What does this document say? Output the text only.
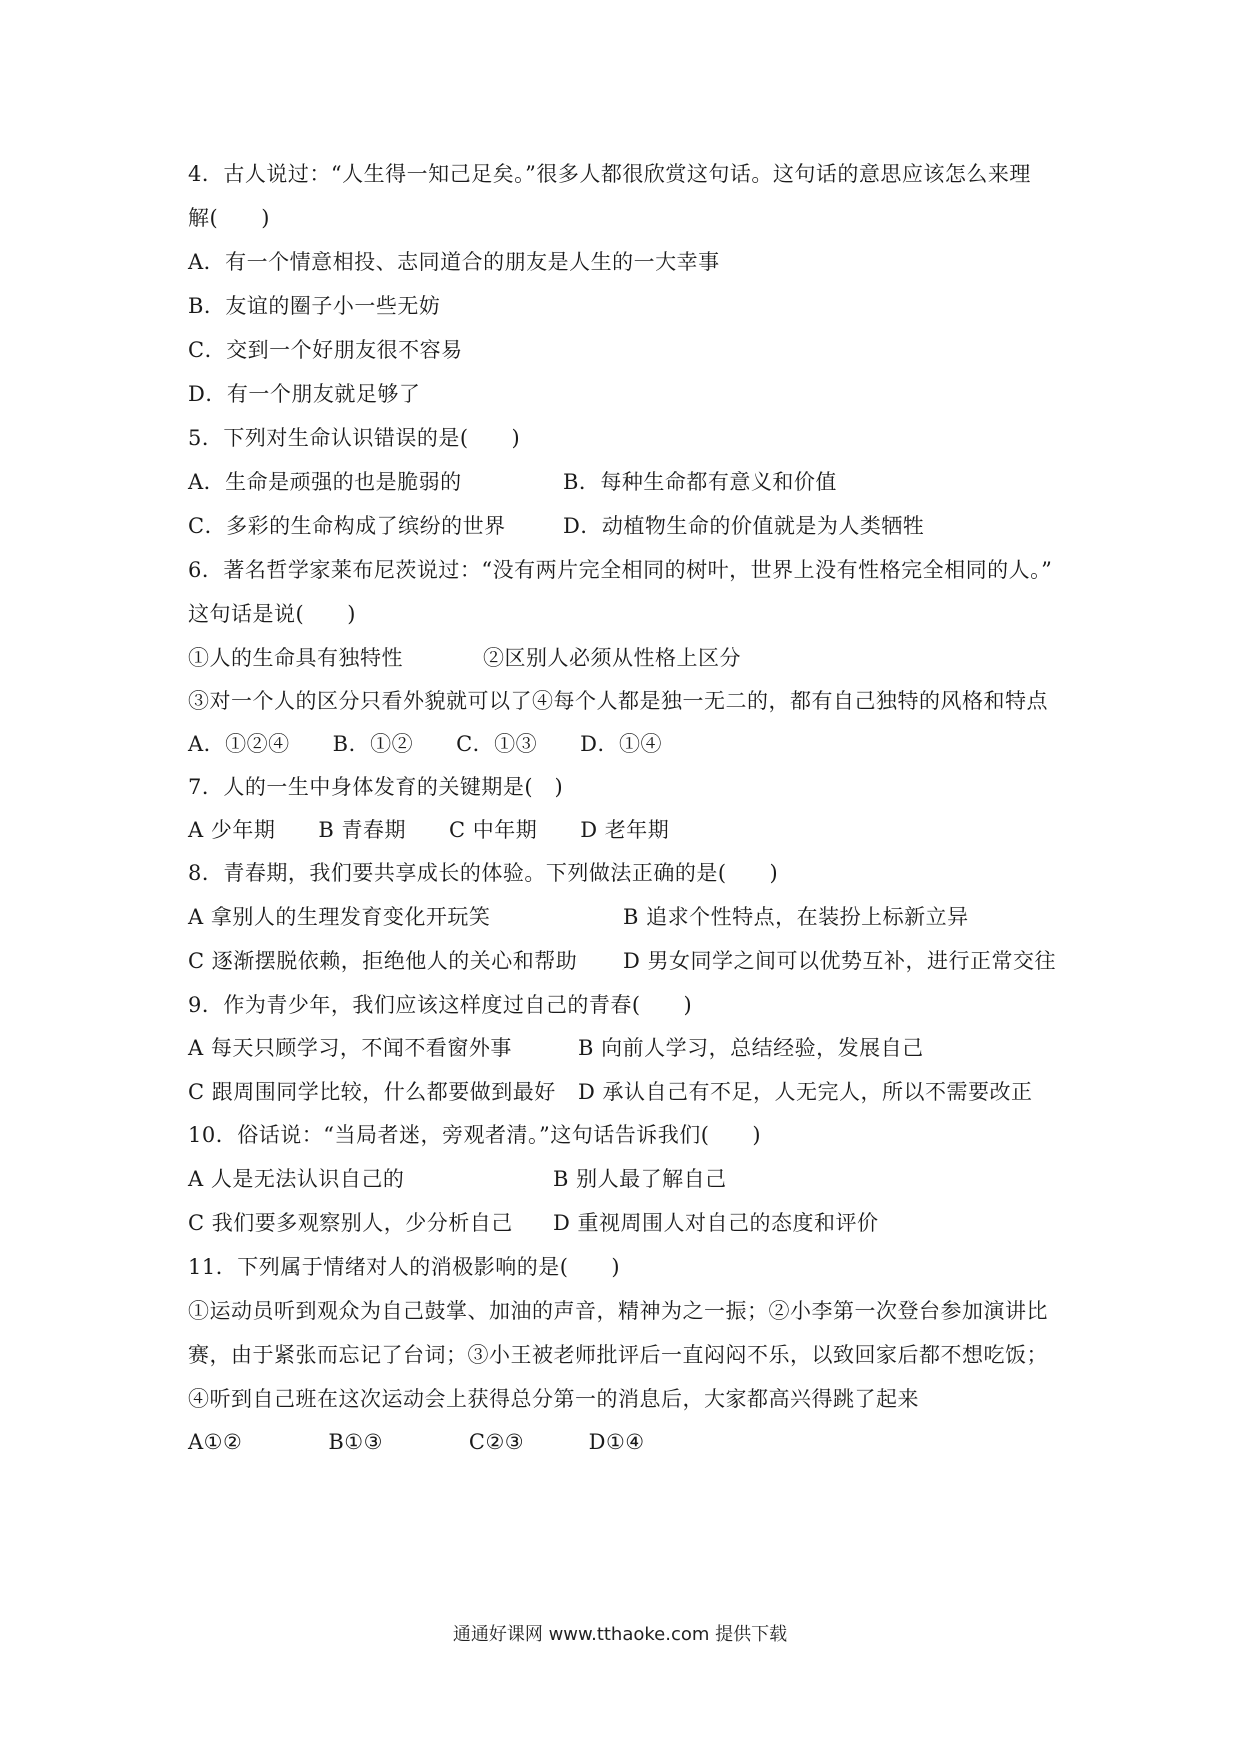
4．古人说过：“人生得一知己足矣。”很多人都很欣赏这句话。这句话的意思应该怎么来理
解(　　)
A．有一个情意相投、志同道合的朋友是人生的一大幸事
B．友谊的圈子小一些无妨
C．交到一个好朋友很不容易
D．有一个朋友就足够了
5．下列对生命认识错误的是(　　)
A．生命是顽强的也是脆弱的	B．每种生命都有意义和价值
C．多彩的生命构成了缤纷的世界	D．动植物生命的价值就是为人类牺牲
6．著名哲学家莱布尼茨说过：“没有两片完全相同的树叶，世界上没有性格完全相同的人。”
这句话是说(　　)
①人的生命具有独特性	②区别人必须从性格上区分
③对一个人的区分只看外貌就可以了④每个人都是独一无二的，都有自己独特的风格和特点
A．①②④　　B．①②　　C．①③　　D．①④
7．人的一生中身体发育的关键期是(　)
A 少年期　　B 青春期　　C 中年期　　D 老年期
8．青春期，我们要共享成长的体验。下列做法正确的是(　　)
A 拿别人的生理发育变化开玩笑	B 追求个性特点，在装扮上标新立异
C 逐渐摆脱依赖，拒绝他人的关心和帮助 D 男女同学之间可以优势互补，进行正常交往
9．作为青少年，我们应该这样度过自己的青春(　　)
A 每天只顾学习，不闻不看窗外事	B 向前人学习，总结经验，发展自己
C 跟周围同学比较，什么都要做到最好 D 承认自己有不足，人无完人，所以不需要改正
10．俗话说：“当局者迷，旁观者清。”这句话告诉我们(　　)
A 人是无法认识自己的	B 别人最了解自己
C 我们要多观察别人，少分析自己 D 重视周围人对自己的态度和评价
11．下列属于情绪对人的消极影响的是(　　)
①运动员听到观众为自己鼓掌、加油的声音，精神为之一振；②小李第一次登台参加演讲比
赛，由于紧张而忘记了台词；③小王被老师批评后一直闷闷不乐，以致回家后都不想吃饭；
④听到自己班在这次运动会上获得总分第一的消息后，大家都高兴得跳了起来
A①②　　　　B①③　　　　C②③　　　D①④
通通好课网 www.tthaoke.com 提供下载
